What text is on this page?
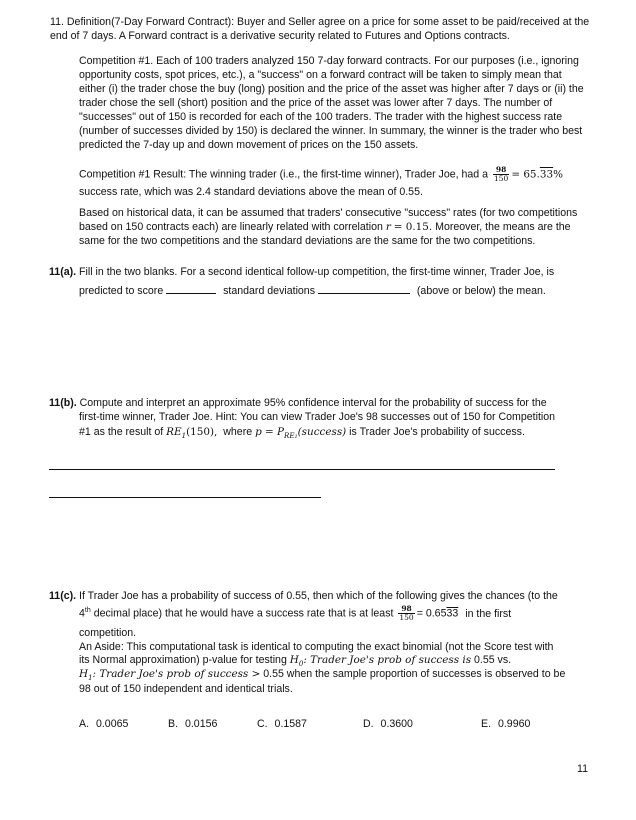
11. Definition(7-Day Forward Contract): Buyer and Seller agree on a price for some asset to be paid/received at the end of 7 days. A Forward contract is a derivative security related to Futures and Options contracts.

Competition #1. Each of 100 traders analyzed 150 7-day forward contracts. For our purposes (i.e., ignoring opportunity costs, spot prices, etc.), a "success" on a forward contract will be taken to simply mean that either (i) the trader chose the buy (long) position and the price of the asset was higher after 7 days or (ii) the trader chose the sell (short) position and the price of the asset was lower after 7 days. The number of "successes" out of 150 is recorded for each of the 100 traders. The trader with the highest success rate (number of successes divided by 150) is declared the winner. In summary, the winner is the trader who best predicted the 7-day up and down movement of prices on the 150 assets.

Competition #1 Result: The winning trader (i.e., the first-time winner), Trader Joe, had a $\frac{98}{150} = 65.33\%$

success rate, which was 2.4 standard deviations above the mean of 0.55.

Based on historical data, it can be assumed that traders' consecutive "success" rates (for two competitions based on 150 contracts each) are linearly related with correlation r = 0.15. Moreover, the means are the same for the two competitions and the standard deviations are the same for the two competitions.
11(a). Fill in the two blanks. For a second identical follow-up competition, the first-time winner, Trader Joe, is
predicted to score	standard deviations	(above or below) the mean.
11(b). Compute and interpret an approximate 95% confidence interval for the probability of success for the

first-time winner, Trader Joe. Hint: You can view Trader Joe's 98 successes out of 150 for Competition

#1 as the result of $RE_1(150)$, where $p = P_{RE1}(success)$ is Trader Joe's probability of success.
11(c). If Trader Joe has a probability of success of 0.55, then which of the following gives the chances (to the
4th decimal place) that he would have a success rate that is at least $\frac{98}{150} = 0.6533$ in the first

competition.

An Aside: This computational task is identical to computing the exact binomial (not the Score test with

its Normal approximation) p-value for testing $H_0$: Trader Joe's prob of success is 0.55 vs.
$H_1$: Trader Joe's prob of success > 0.55 when the sample proportion of successes is observed to be

98 out of 150 independent and identical trials.

A. 0.0065	B. 0.0156	C. 0.1587	D. 0.3600	E. 0.9960
11
